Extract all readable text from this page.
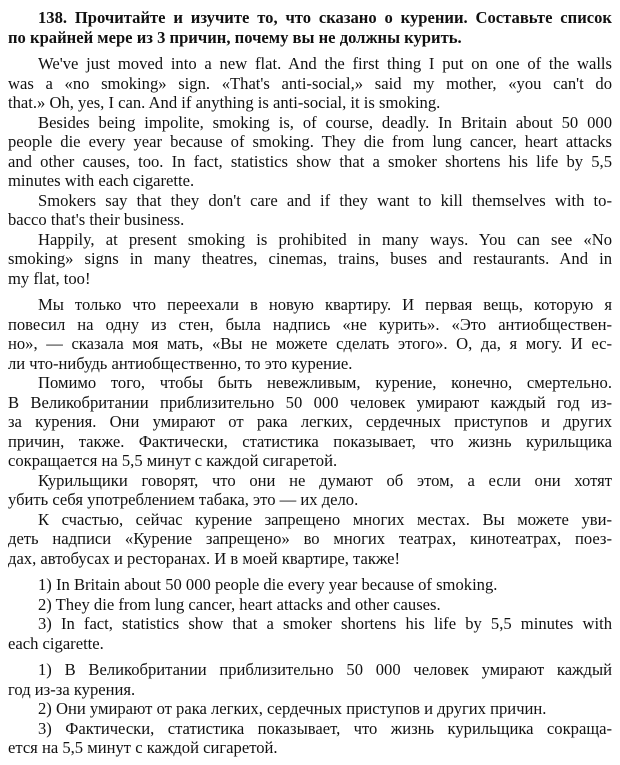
138. Прочитайте и изучите то, что сказано о курении. Составьте список
по крайней мере из 3 причин, почему вы не должны курить.
We've just moved into a new flat. And the first thing I put on one of the walls
was a «no smoking» sign. «That's anti-social,» said my mother, «you can't do
that.» Oh, yes, I can. And if anything is anti-social, it is smoking.
Besides being impolite, smoking is, of course, deadly. In Britain about 50 000
people die every year because of smoking. They die from lung cancer, heart attacks
and other causes, too. In fact, statistics show that a smoker shortens his life by 5,5
minutes with each cigarette.
Smokers say that they don't care and if they want to kill themselves with to-
bacco that's their business.
Happily, at present smoking is prohibited in many ways. You can see «No
smoking» signs in many theatres, cinemas, trains, buses and restaurants. And in
my flat, too!
Мы только что переехали в новую квартиру. И первая вещь, которую я
повесил на одну из стен, была надпись «не курить». «Это антиобществен-
но», — сказала моя мать, «Вы не можете сделать этого». О, да, я могу. И ес-
ли что-нибудь антиобщественно, то это курение.
Помимо того, чтобы быть невежливым, курение, конечно, смертельно.
В Великобритании приблизительно 50 000 человек умирают каждый год из-
за курения. Они умирают от рака легких, сердечных приступов и других
причин, также. Фактически, статистика показывает, что жизнь курильщика
сокращается на 5,5 минут с каждой сигаретой.
Курильщики говорят, что они не думают об этом, а если они хотят
убить себя употреблением табака, это — их дело.
К счастью, сейчас курение запрещено многих местах. Вы можете уви-
деть надписи «Курение запрещено» во многих театрах, кинотеатрах, поез-
дах, автобусах и ресторанах. И в моей квартире, также!
1) In Britain about 50 000 people die every year because of smoking.
2) They die from lung cancer, heart attacks and other causes.
3) In fact, statistics show that a smoker shortens his life by 5,5 minutes with
each cigarette.
1) В Великобритании приблизительно 50 000 человек умирают каждый
год из-за курения.
2) Они умирают от рака легких, сердечных приступов и других причин.
3) Фактически, статистика показывает, что жизнь курильщика сокраща-
ется на 5,5 минут с каждой сигаретой.
